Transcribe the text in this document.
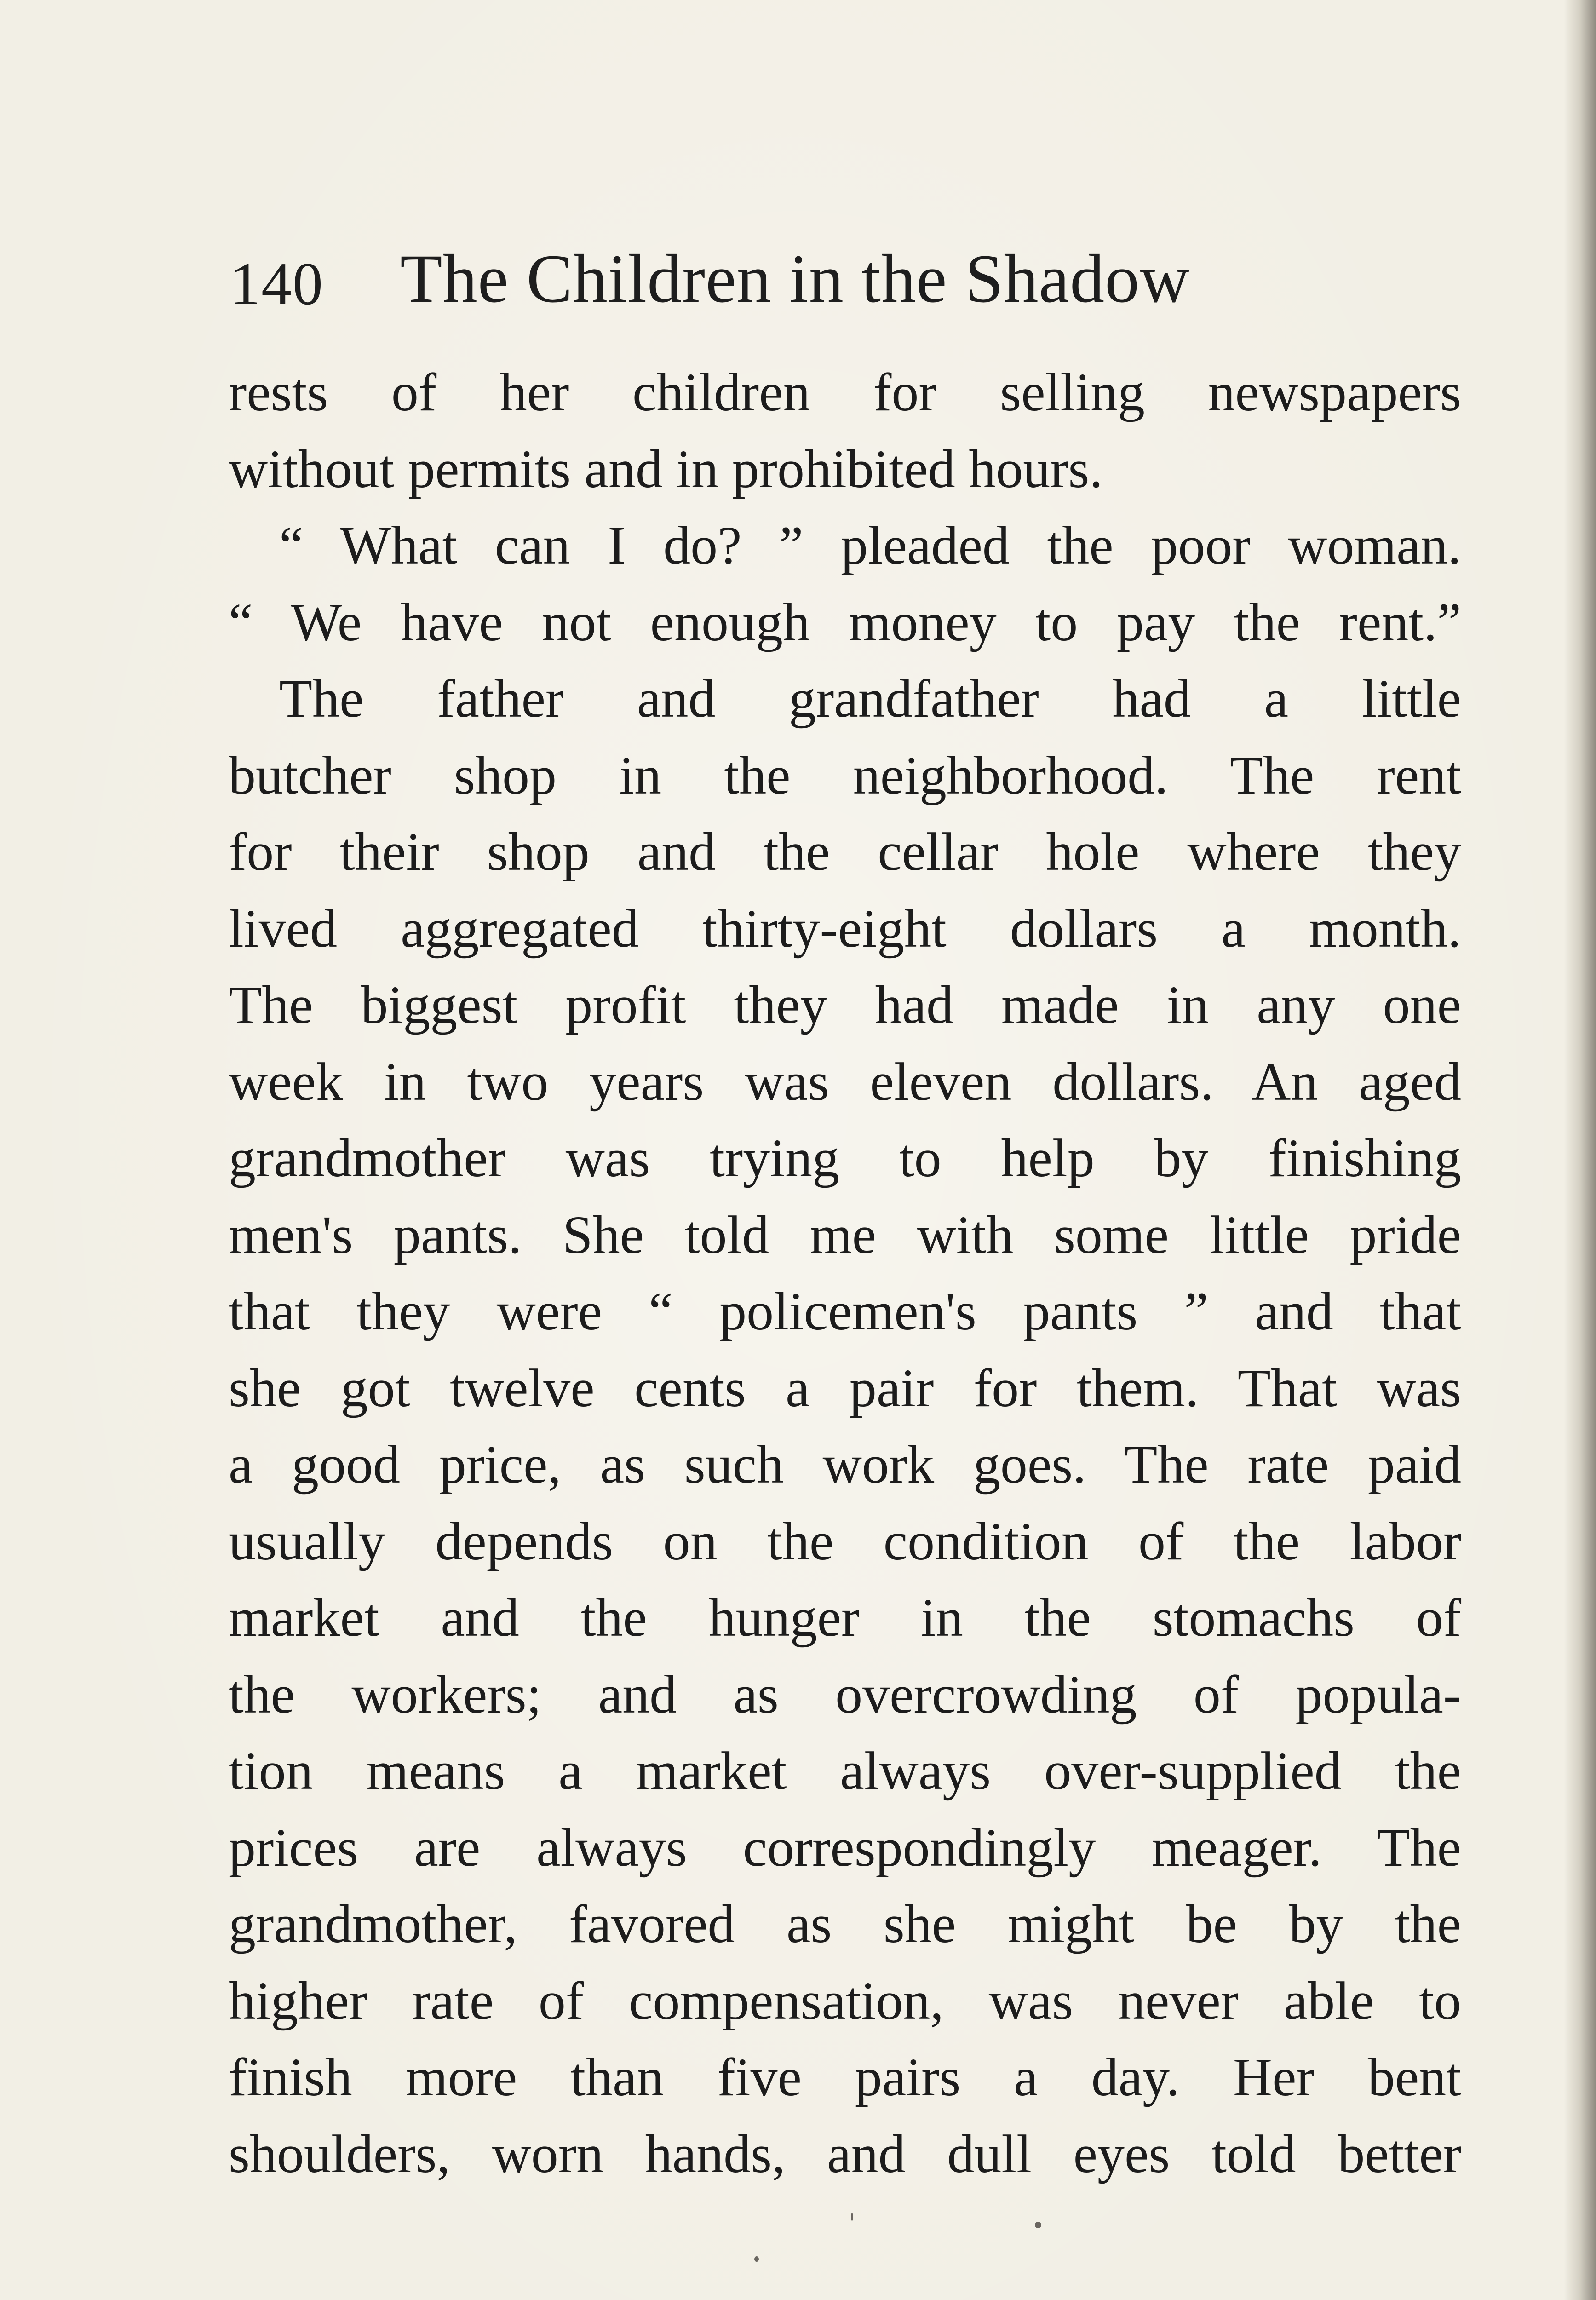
140 The Children in the Shadow
rests of her children for selling newspapers
without permits and in prohibited hours.
“ What can I do? ” pleaded the poor woman.
“ We have not enough money to pay the rent.”
The father and grandfather had a little
butcher shop in the neighborhood. The rent
for their shop and the cellar hole where they
lived aggregated thirty-eight dollars a month.
The biggest profit they had made in any one
week in two years was eleven dollars. An aged
grandmother was trying to help by finishing
men's pants. She told me with some little pride
that they were “ policemen's pants ” and that
she got twelve cents a pair for them. That was
a good price, as such work goes. The rate paid
usually depends on the condition of the labor
market and the hunger in the stomachs of
the workers; and as overcrowding of popula-
tion means a market always over-supplied the
prices are always correspondingly meager. The
grandmother, favored as she might be by the
higher rate of compensation, was never able to
finish more than five pairs a day. Her bent
shoulders, worn hands, and dull eyes told better
